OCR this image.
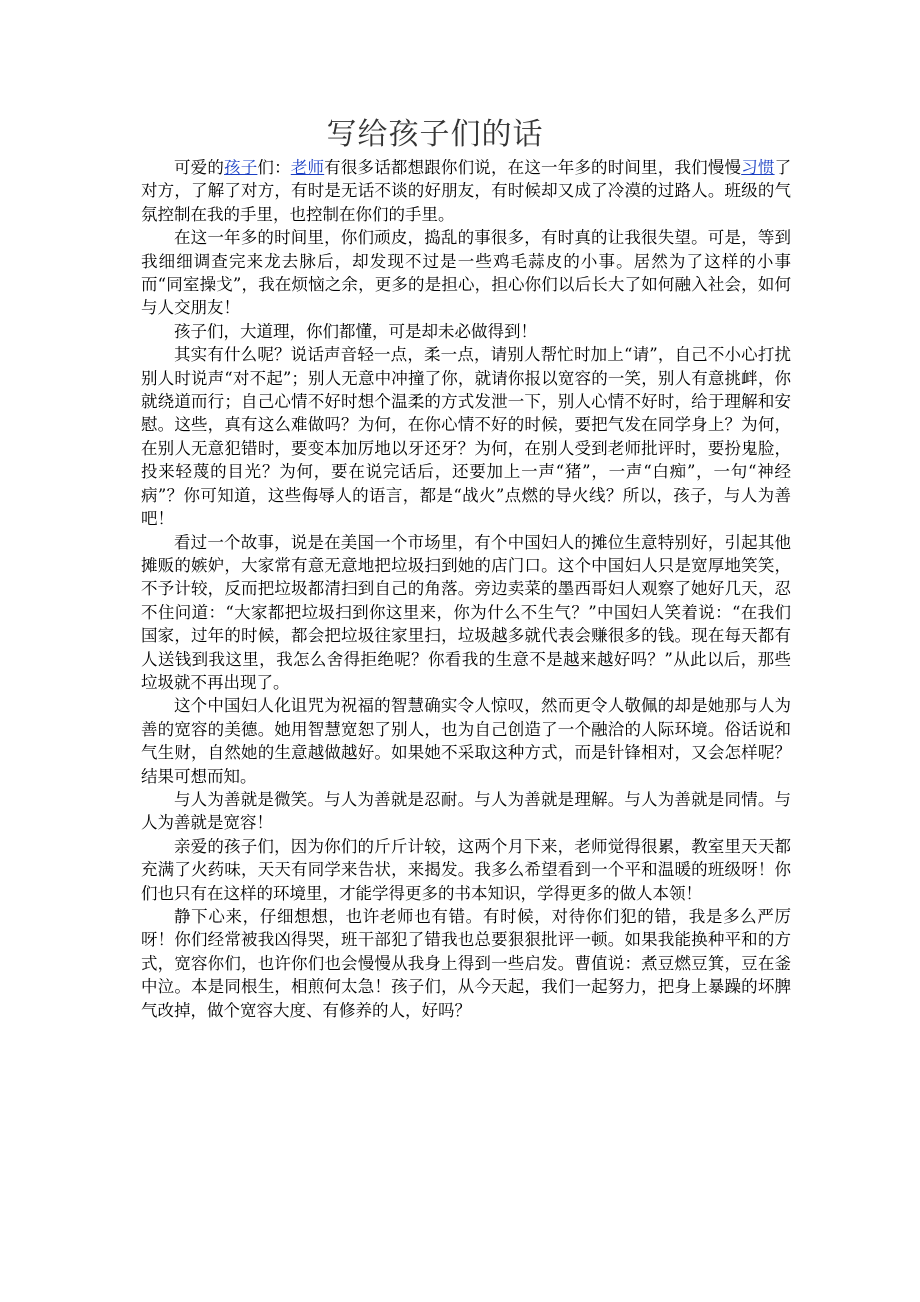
写给孩子们的话

可爱的孩子们：老师有很多话都想跟你们说，在这一年多的时间里，我们慢慢习惯了对方，了解了对方，有时是无话不谈的好朋友，有时候却又成了冷漠的过路人。班级的气氛控制在我的手里，也控制在你们的手里。

在这一年多的时间里，你们顽皮，捣乱的事很多，有时真的让我很失望。可是，等到我细细调查完来龙去脉后，却发现不过是一些鸡毛蒜皮的小事。居然为了这样的小事而“同室操戈”，我在烦恼之余，更多的是担心，担心你们以后长大了如何融入社会，如何与人交朋友！

孩子们，大道理，你们都懂，可是却未必做得到！

其实有什么呢？说话声音轻一点，柔一点，请别人帮忙时加上“请”，自己不小心打扰别人时说声“对不起”；别人无意中冲撞了你，就请你报以宽容的一笑，别人有意挑衅，你就绕道而行；自己心情不好时想个温柔的方式发泄一下，别人心情不好时，给于理解和安慰。这些，真有这么难做吗？为何，在你心情不好的时候，要把气发在同学身上？为何，在别人无意犯错时，要变本加厉地以牙还牙？为何，在别人受到老师批评时，要扮鬼脸，投来轻蔑的目光？为何，要在说完话后，还要加上一声“猪”，一声“白痴”，一句“神经病”？你可知道，这些侮辱人的语言，都是“战火”点燃的导火线？所以，孩子，与人为善吧！

看过一个故事，说是在美国一个市场里，有个中国妇人的摊位生意特别好，引起其他摊贩的嫉妒，大家常有意无意地把垃圾扫到她的店门口。这个中国妇人只是宽厚地笑笑，不予计较，反而把垃圾都清扫到自己的角落。旁边卖菜的墨西哥妇人观察了她好几天，忍不住问道：“大家都把垃圾扫到你这里来，你为什么不生气？”中国妇人笑着说：“在我们国家，过年的时候，都会把垃圾往家里扫，垃圾越多就代表会赚很多的钱。现在每天都有人送钱到我这里，我怎么舍得拒绝呢？你看我的生意不是越来越好吗？”从此以后，那些垃圾就不再出现了。

这个中国妇人化诅咒为祝福的智慧确实令人惊叹，然而更令人敬佩的却是她那与人为善的宽容的美德。她用智慧宽恕了别人，也为自己创造了一个融洽的人际环境。俗话说和气生财，自然她的生意越做越好。如果她不采取这种方式，而是针锋相对，又会怎样呢？结果可想而知。

与人为善就是微笑。与人为善就是忍耐。与人为善就是理解。与人为善就是同情。与人为善就是宽容！

亲爱的孩子们，因为你们的斤斤计较，这两个月下来，老师觉得很累，教室里天天都充满了火药味，天天有同学来告状，来揭发。我多么希望看到一个平和温暖的班级呀！你们也只有在这样的环境里，才能学得更多的书本知识，学得更多的做人本领！

静下心来，仔细想想，也许老师也有错。有时候，对待你们犯的错，我是多么严厉呀！你们经常被我凶得哭，班干部犯了错我也总要狠狠批评一顿。如果我能换种平和的方式，宽容你们，也许你们也会慢慢从我身上得到一些启发。曹值说：煮豆燃豆箕，豆在釜中泣。本是同根生，相煎何太急！孩子们，从今天起，我们一起努力，把身上暴躁的坏脾气改掉，做个宽容大度、有修养的人，好吗？
